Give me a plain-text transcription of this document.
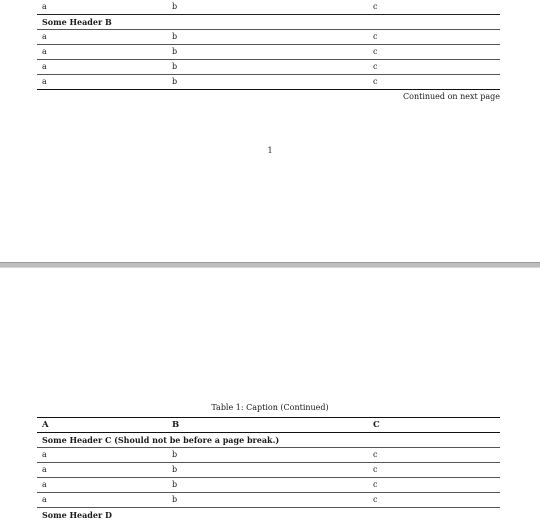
a	b	c
Some Header B
a	b	c
a	b	c
a	b	c
a	b	c
Continued on next page
1
Table 1: Caption (Continued)
A	B	C
Some Header C (Should not be before a page break.)
a	b	c
a	b	c
a	b	c
a	b	c
Some Header D
